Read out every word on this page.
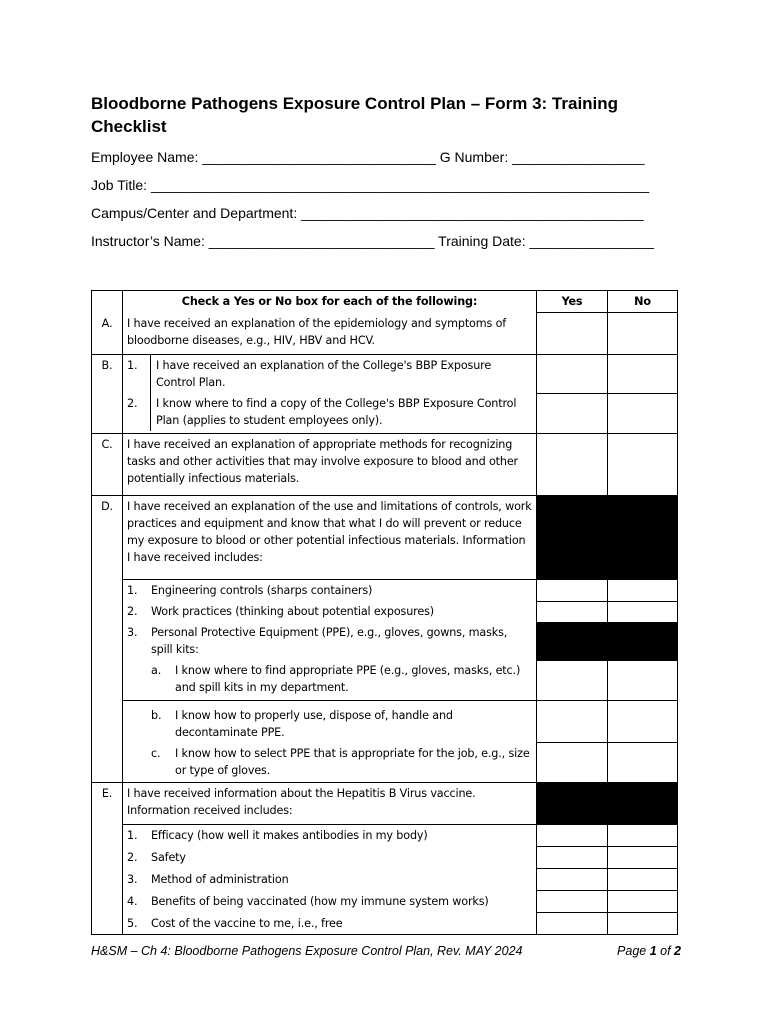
Bloodborne Pathogens Exposure Control Plan – Form 3: Training Checklist
Employee Name: ______________________________ G Number: _________________
Job Title: ________________________________________________________________
Campus/Center and Department: ____________________________________________
Instructor’s Name: _____________________________ Training Date: ________________
	Check a Yes or No box for each of the following:	Yes	No
A.	I have received an explanation of the epidemiology and symptoms of bloodborne diseases, e.g., HIV, HBV and HCV.		
B.	1. I have received an explanation of the College's BBP Exposure Control Plan.		

	2. I know where to find a copy of the College's BBP Exposure Control Plan (applies to student employees only).		

C.	I have received an explanation of appropriate methods for recognizing tasks and other activities that may involve exposure to blood and other potentially infectious materials.		
D.	I have received an explanation of the use and limitations of controls, work practices and equipment and know that what I do will prevent or reduce my exposure to blood or other potential infectious materials. Information I have received includes:		

	1. Engineering controls (sharps containers)		

	2. Work practices (thinking about potential exposures)		

	3. Personal Protective Equipment (PPE), e.g., gloves, gowns, masks, spill kits:		

	a. I know where to find appropriate PPE (e.g., gloves, masks, etc.) and spill kits in my department.		

	b. I know how to properly use, dispose of, handle and decontaminate PPE.		

	c. I know how to select PPE that is appropriate for the job, e.g., size or type of gloves.		

E.	I have received information about the Hepatitis B Virus vaccine. Information received includes:		

	1. Efficacy (how well it makes antibodies in my body)		

	2. Safety		

	3. Method of administration		

	4. Benefits of being vaccinated (how my immune system works)		

	5. Cost of the vaccine to me, i.e., free		

H&SM – Ch 4: Bloodborne Pathogens Exposure Control Plan, Rev. MAY 2024	Page 1 of 2
